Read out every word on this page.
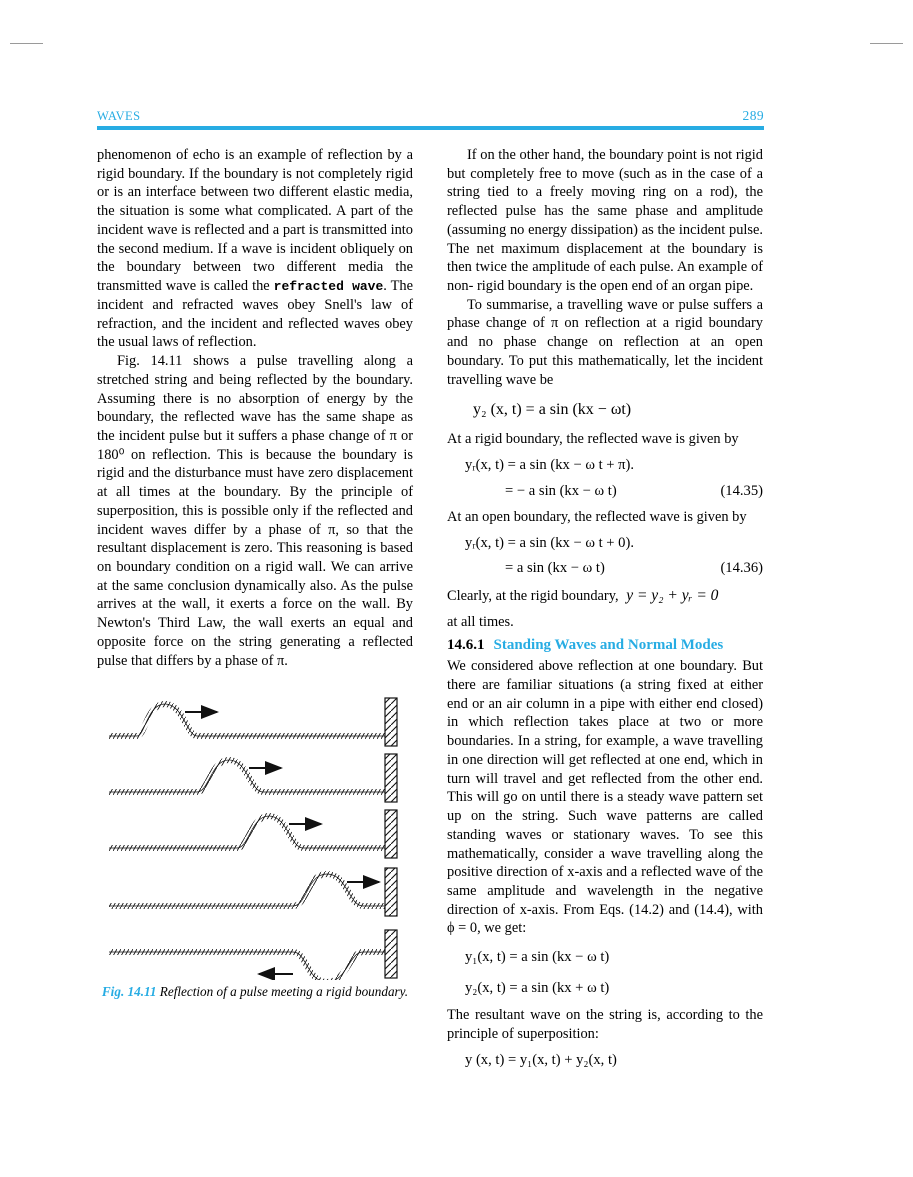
WAVES	289

phenomenon of echo is an example of reflection by a rigid boundary. If the boundary is not completely rigid or is an interface between two different elastic media, the situation is some what complicated. A part of the incident wave is reflected and a part is transmitted into the second medium. If a wave is incident obliquely on the boundary between two different media the transmitted wave is called the refracted wave. The incident and refracted waves obey Snell's law of refraction, and the incident and reflected waves obey the usual laws of reflection.

Fig. 14.11 shows a pulse travelling along a stretched string and being reflected by the boundary. Assuming there is no absorption of energy by the boundary, the reflected wave has the same shape as the incident pulse but it suffers a phase change of π or 180⁰ on reflection. This is because the boundary is rigid and the disturbance must have zero displacement at all times at the boundary. By the principle of superposition, this is possible only if the reflected and incident waves differ by a phase of π, so that the resultant displacement is zero. This reasoning is based on boundary condition on a rigid wall. We can arrive at the same conclusion dynamically also. As the pulse arrives at the wall, it exerts a force on the wall. By Newton's Third Law, the wall exerts an equal and opposite force on the string generating a reflected pulse that differs by a phase of π.

Fig. 14.11 Reflection of a pulse meeting a rigid boundary.

If on the other hand, the boundary point is not rigid but completely free to move (such as in the case of a string tied to a freely moving ring on a rod), the reflected pulse has the same phase and amplitude (assuming no energy dissipation) as the incident pulse. The net maximum displacement at the boundary is then twice the amplitude of each pulse. An example of non- rigid boundary is the open end of an organ pipe.

To summarise, a travelling wave or pulse suffers a phase change of π on reflection at a rigid boundary and no phase change on reflection at an open boundary. To put this mathematically, let the incident travelling wave be

y₂ (x, t) = a sin (kx − ωt)

At a rigid boundary, the reflected wave is given by

yᵣ(x, t) = a sin (kx − ω t + π).
= − a sin (kx − ω t)	(14.35)

At an open boundary, the reflected wave is given by

yᵣ(x, t) = a sin (kx − ω t + 0).
= a sin (kx − ω t)	(14.36)

Clearly, at the rigid boundary, y = y₂ + yᵣ = 0

at all times.

14.6.1 Standing Waves and Normal Modes

We considered above reflection at one boundary. But there are familiar situations (a string fixed at either end or an air column in a pipe with either end closed) in which reflection takes place at two or more boundaries. In a string, for example, a wave travelling in one direction will get reflected at one end, which in turn will travel and get reflected from the other end. This will go on until there is a steady wave pattern set up on the string. Such wave patterns are called standing waves or stationary waves. To see this mathematically, consider a wave travelling along the positive direction of x-axis and a reflected wave of the same amplitude and wavelength in the negative direction of x-axis. From Eqs. (14.2) and (14.4), with ϕ = 0, we get:

y₁(x, t) = a sin (kx − ω t)
y₂(x, t) = a sin (kx + ω t)

The resultant wave on the string is, according to the principle of superposition:

y (x, t) = y₁(x, t) + y₂(x, t)
